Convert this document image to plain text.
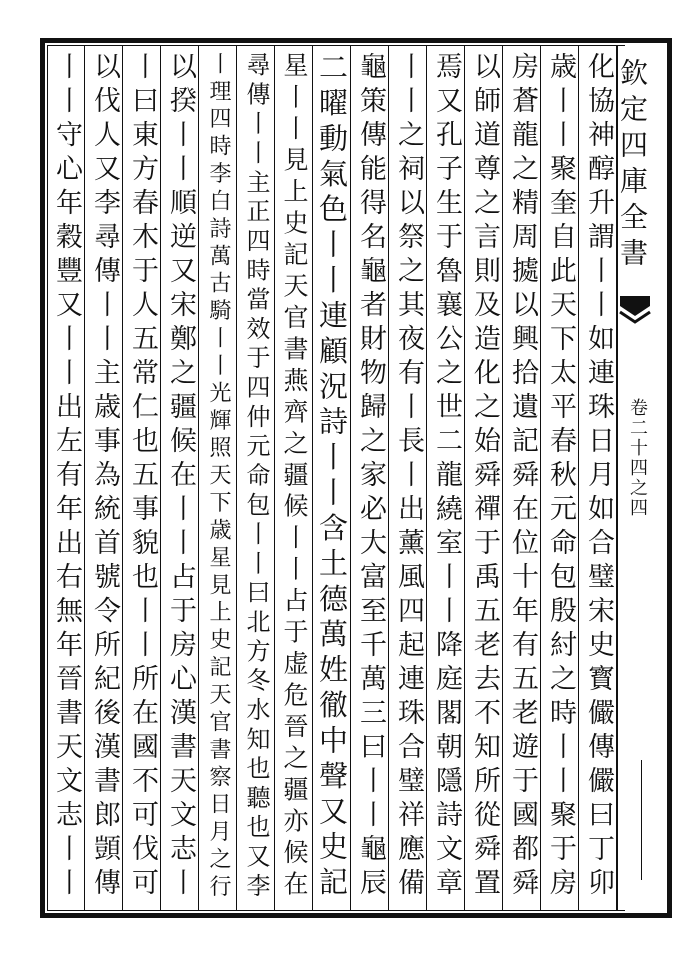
欽定四庫全書
卷二十四之四
化協神醇升謂丨丨如連珠日月如合璧宋史寳儼傳儼曰丁卯
歳丨丨聚奎自此天下太平春秋元命包殷紂之時丨丨聚于房
房蒼龍之精周㨿以興拾遺記舜在位十年有五老遊于國都舜
以師道尊之言則及造化之始舜禪于禹五老去不知所從舜置
焉又孔子生于魯襄公之世二龍繞室丨丨降庭閣朝隱詩文章
丨丨之祠以祭之其夜有丨長丨出薰風四起連珠合璧祥應備
龜策傳能得名龜者財物歸之家必大富至千萬三曰丨丨龜辰
二曜動氣色丨丨連顧況詩丨丨含土德萬姓徹中聲又史記
星丨丨見上史記天官書燕齊之疆候丨丨占于虚危晉之疆亦候在
尋傳丨丨主正四時當效于四仲元命包丨丨曰北方冬水知也聽也又李
丨理四時李白詩萬古騎丨丨光輝照天下歳星見上史記天官書察日月之行
以揆丨丨順逆又宋鄭之疆候在丨丨占于房心漢書天文志丨
丨曰東方春木于人五常仁也五事貌也丨丨所在國不可伐可
以伐人又李尋傳丨丨主歳事為統首號令所紀後漢書郎顗傳
丨丨守心年穀豐又丨丨出左有年出右無年晉書天文志丨丨
